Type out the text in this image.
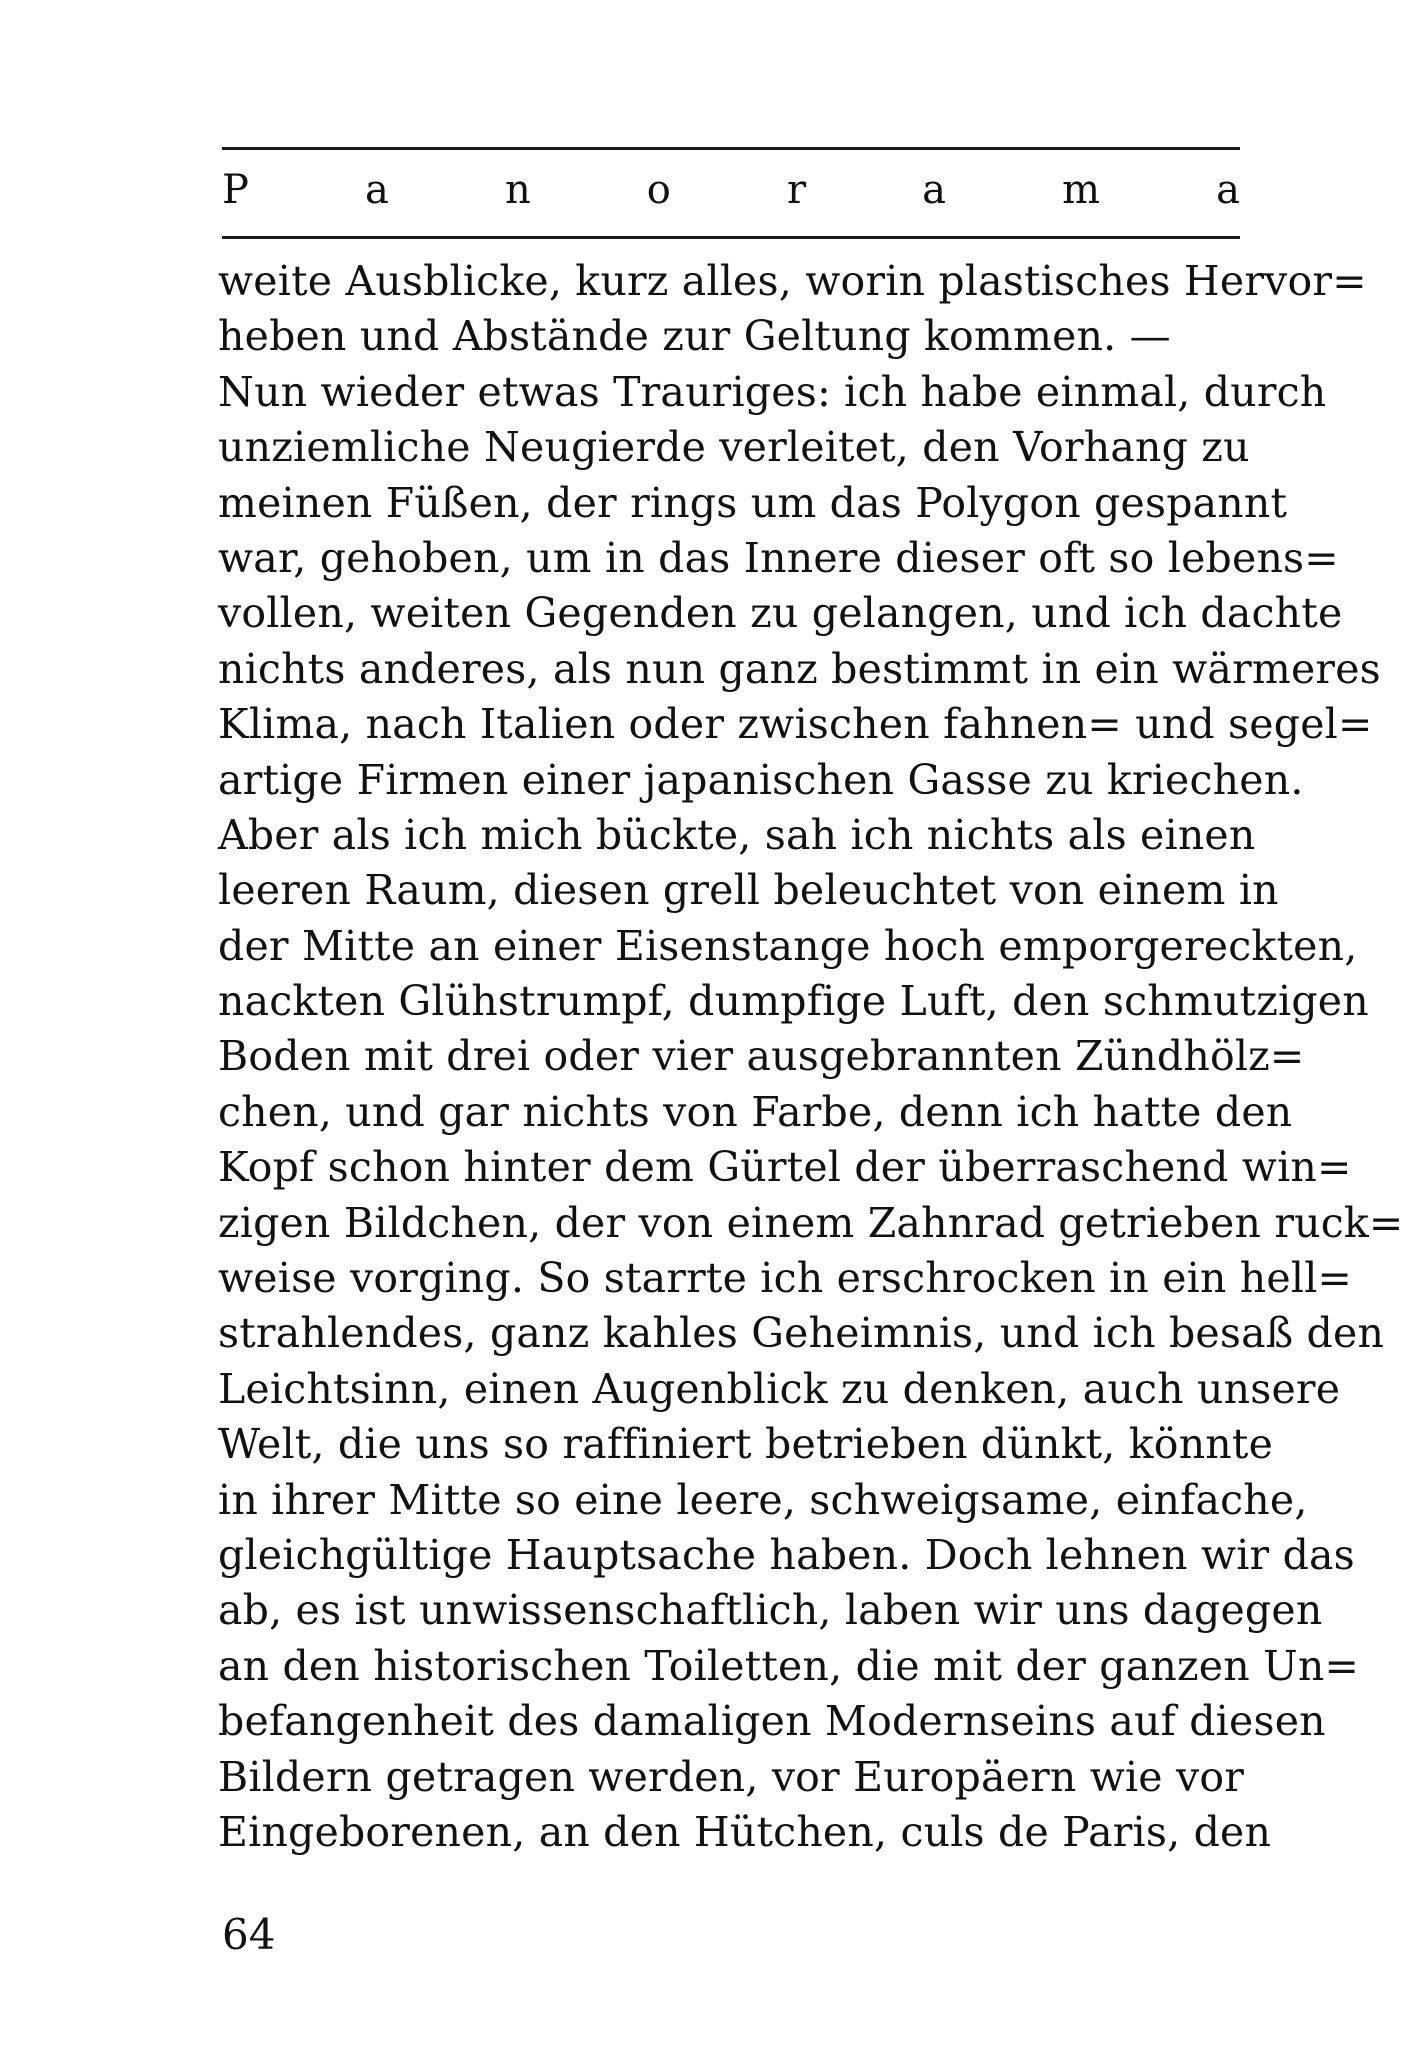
P	a	n	o	r	a	m	a
weite Ausblicke, kurz alles, worin plastisches Hervor=
heben und Abstände zur Geltung kommen. —
Nun wieder etwas Trauriges: ich habe einmal, durch
unziemliche Neugierde verleitet, den Vorhang zu
meinen Füßen, der rings um das Polygon gespannt
war, gehoben, um in das Innere dieser oft so lebens=
vollen, weiten Gegenden zu gelangen, und ich dachte
nichts anderes, als nun ganz bestimmt in ein wärmeres
Klima, nach Italien oder zwischen fahnen= und segel=
artige Firmen einer japanischen Gasse zu kriechen.
Aber als ich mich bückte, sah ich nichts als einen
leeren Raum, diesen grell beleuchtet von einem in
der Mitte an einer Eisenstange hoch emporgereckten,
nackten Glühstrumpf, dumpfige Luft, den schmutzigen
Boden mit drei oder vier ausgebrannten Zündhölz=
chen, und gar nichts von Farbe, denn ich hatte den
Kopf schon hinter dem Gürtel der überraschend win=
zigen Bildchen, der von einem Zahnrad getrieben ruck=
weise vorging. So starrte ich erschrocken in ein hell=
strahlendes, ganz kahles Geheimnis, und ich besaß den
Leichtsinn, einen Augenblick zu denken, auch unsere
Welt, die uns so raffiniert betrieben dünkt, könnte
in ihrer Mitte so eine leere, schweigsame, einfache,
gleichgültige Hauptsache haben. Doch lehnen wir das
ab, es ist unwissenschaftlich, laben wir uns dagegen
an den historischen Toiletten, die mit der ganzen Un=
befangenheit des damaligen Modernseins auf diesen
Bildern getragen werden, vor Europäern wie vor
Eingeborenen, an den Hütchen, culs de Paris, den
64
